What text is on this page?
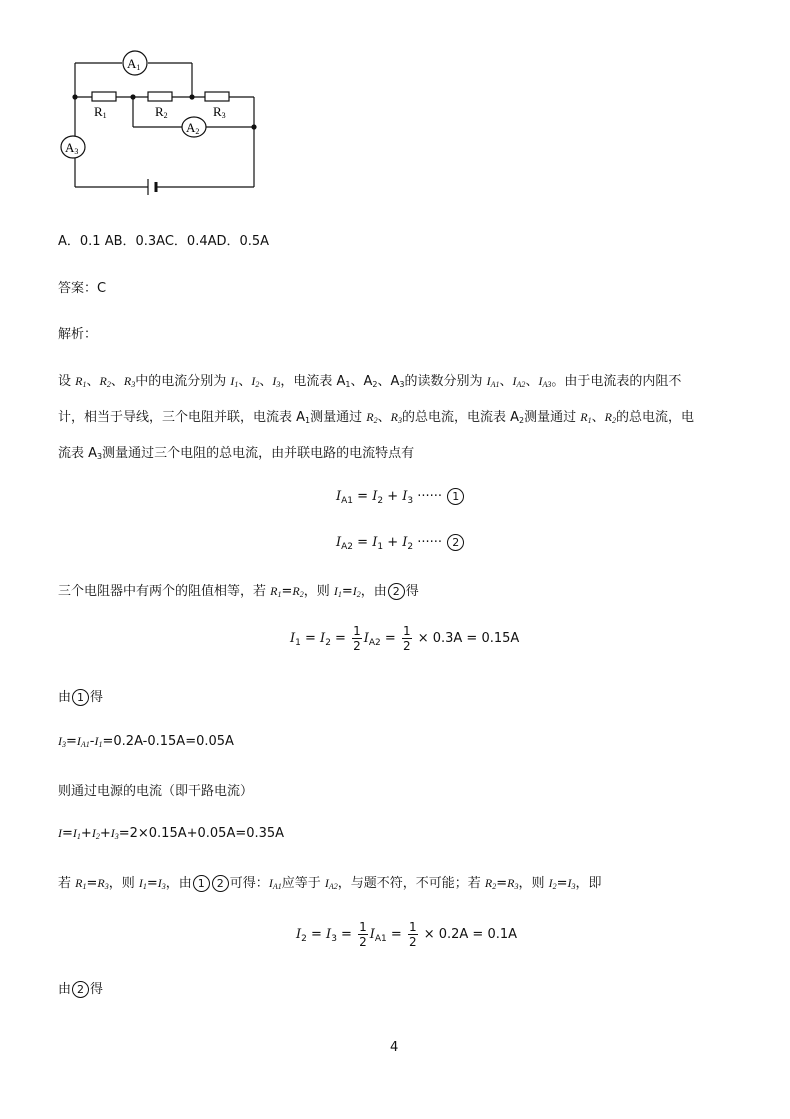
A1
A2
A3
R1	R2	R3
A．0.1 AB．0.3AC．0.4AD．0.5A
答案：C
解析：
设 $R_1$、$R_2$、$R_3$中的电流分别为 $I_1$、$I_2$、$I_3$，电流表 $A_1$、$A_2$、$A_3$的读数分别为 $I_{A1}$、$I_{A2}$、$I_{A3}$。由于电流表的内阻不
计，相当于导线，三个电阻并联，电流表 $A_1$测量通过 $R_2$、$R_3$的总电流，电流表 $A_2$测量通过 $R_1$、$R_2$的总电流，电
流表 $A_3$测量通过三个电阻的总电流，由并联电路的电流特点有
$I_{A1} = I_2 + I_3$ ······ 1
$I_{A2} = I_1 + I_2$ ······ 2
三个电阻器中有两个的阻值相等，若 $R_1=R_2$，则 $I_1=I_2$，由 2 得
$I_1 = I_2 = \frac{1}{2} I_{A2} = \frac{1}{2} \times 0.3A = 0.15A$
由 1 得
$I_3=I_{A1}-I_1=0.2A-0.15A=0.05A$
则通过电源的电流（即干路电流）
$I=I_1+I_2+I_3=2\times 0.15A+0.05A=0.35A$
若 $R_1=R_3$，则 $I_1=I_3$，由 1 2 可得：$I_{A1}$应等于 $I_{A2}$，与题不符，不可能；若 $R_2=R_3$，则 $I_2=I_3$，即
$I_2 = I_3 = \frac{1}{2} I_{A1} = \frac{1}{2} \times 0.2A = 0.1A$
由 2 得
4
